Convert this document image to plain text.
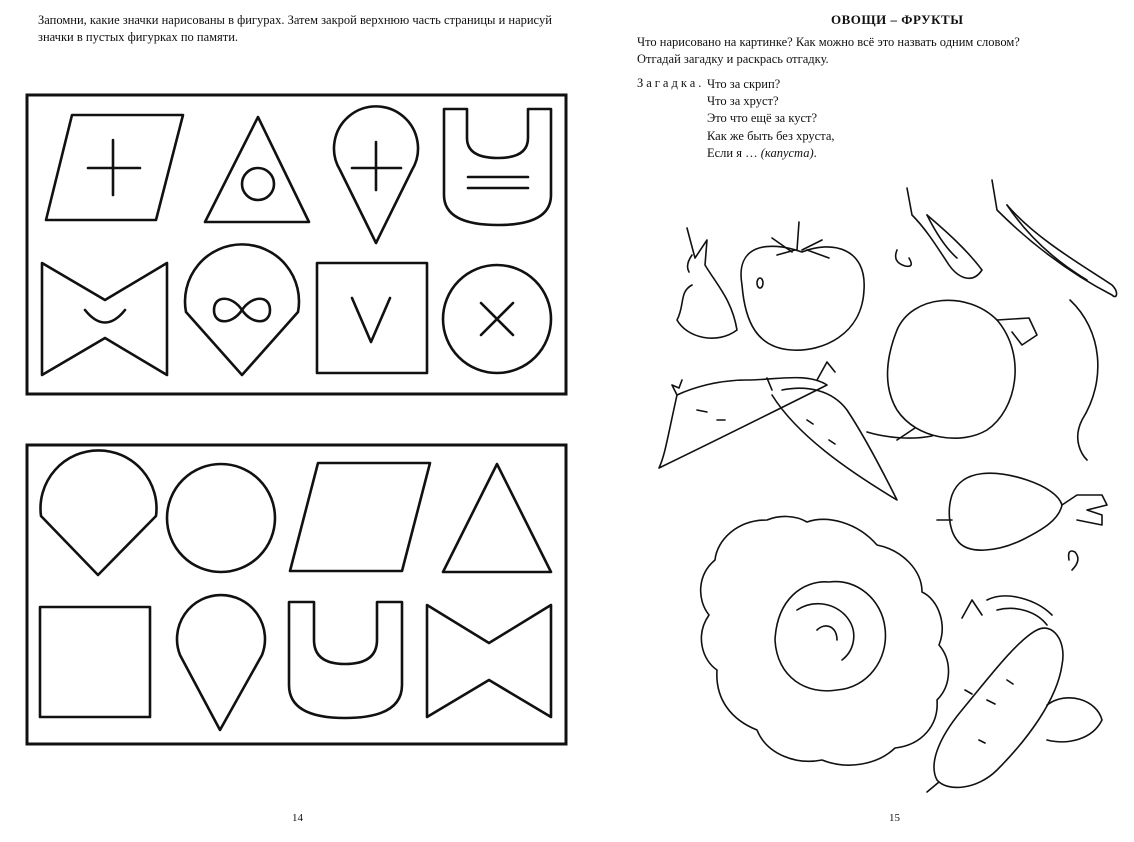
Запомни, какие значки нарисованы в фигурах. Затем закрой верхнюю часть страницы и нарисуй значки в пустых фигурках по памяти.

14
ОВОЩИ – ФРУКТЫ

Что нарисовано на картинке? Как можно всё это назвать одним словом?
Отгадай загадку и раскрась отгадку.

Загадка. Что за скрип?
Что за хруст?
Это что ещё за куст?
Как же быть без хруста,
Если я … (капуста).
15
